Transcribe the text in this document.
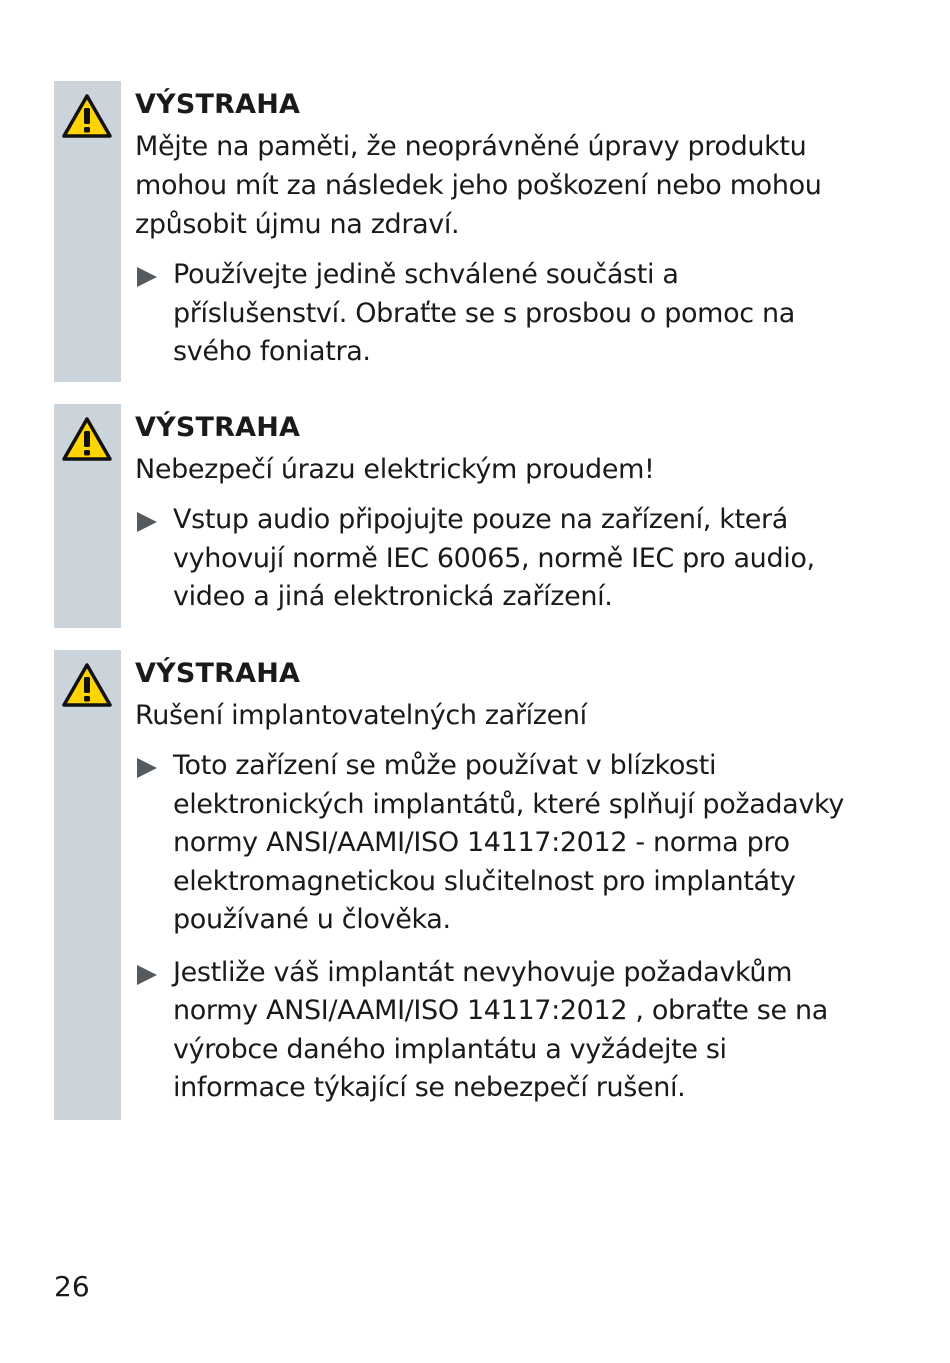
VÝSTRAHA
Mějte na paměti, že neoprávněné úpravy produktu mohou mít za následek jeho poškození nebo mohou způsobit újmu na zdraví.
Používejte jedině schválené součásti a příslušenství. Obraťte se s prosbou o pomoc na svého foniatra.
VÝSTRAHA
Nebezpečí úrazu elektrickým proudem!
Vstup audio připojujte pouze na zařízení, která vyhovují normě IEC 60065, normě IEC pro audio, video a jiná elektronická zařízení.
VÝSTRAHA
Rušení implantovatelných zařízení
Toto zařízení se může používat v blízkosti elektronických implantátů, které splňují požadavky normy ANSI/AAMI/ISO 14117:2012 - norma pro elektromagnetickou slučitelnost pro implantáty používané u člověka.
Jestliže váš implantát nevyhovuje požadavkům normy ANSI/AAMI/ISO 14117:2012 , obraťte se na výrobce daného implantátu a vyžádejte si informace týkající se nebezpečí rušení.
26
